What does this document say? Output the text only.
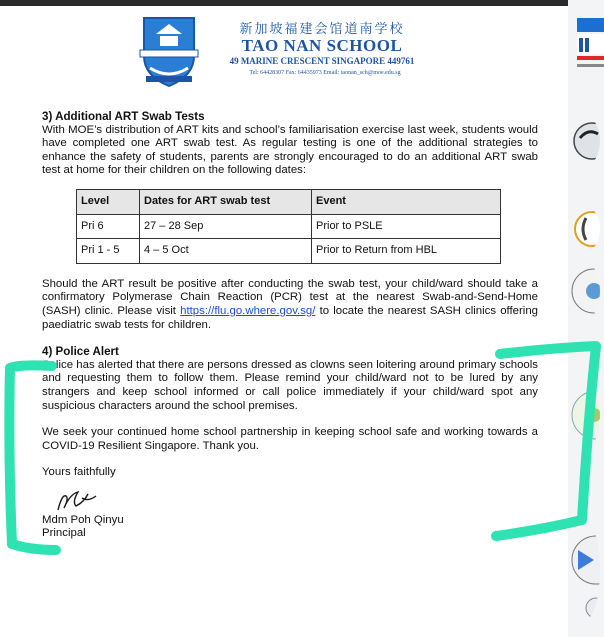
新加坡福建会馆道南学校
TAO NAN SCHOOL
49 MARINE CRESCENT SINGAPORE 449761
Tel: 64428307 Fax: 64435973 Email: taonan_sch@moe.edu.sg
3) Additional ART Swab Tests
With MOE’s distribution of ART kits and school’s familiarisation exercise last week, students would have completed one ART swab test. As regular testing is one of the additional strategies to enhance the safety of students, parents are strongly encouraged to do an additional ART swab test at home for their children on the following dates:
Level	Dates for ART swab test	Event
Pri 6	27 – 28 Sep	Prior to PSLE
Pri 1 - 5	4 – 5 Oct	Prior to Return from HBL
Should the ART result be positive after conducting the swab test, your child/ward should take a confirmatory Polymerase Chain Reaction (PCR) test at the nearest Swab-and-Send-Home (SASH) clinic. Please visit https://flu.go.where.gov.sg/ to locate the nearest SASH clinics offering paediatric swab tests for children.
4) Police Alert
Police has alerted that there are persons dressed as clowns seen loitering around primary schools and requesting them to follow them. Please remind your child/ward not to be lured by any strangers and keep school informed or call police immediately if your child/ward spot any suspicious characters around the school premises.
We seek your continued home school partnership in keeping school safe and working towards a COVID-19 Resilient Singapore. Thank you.
Yours faithfully
Mdm Poh Qinyu
Principal
